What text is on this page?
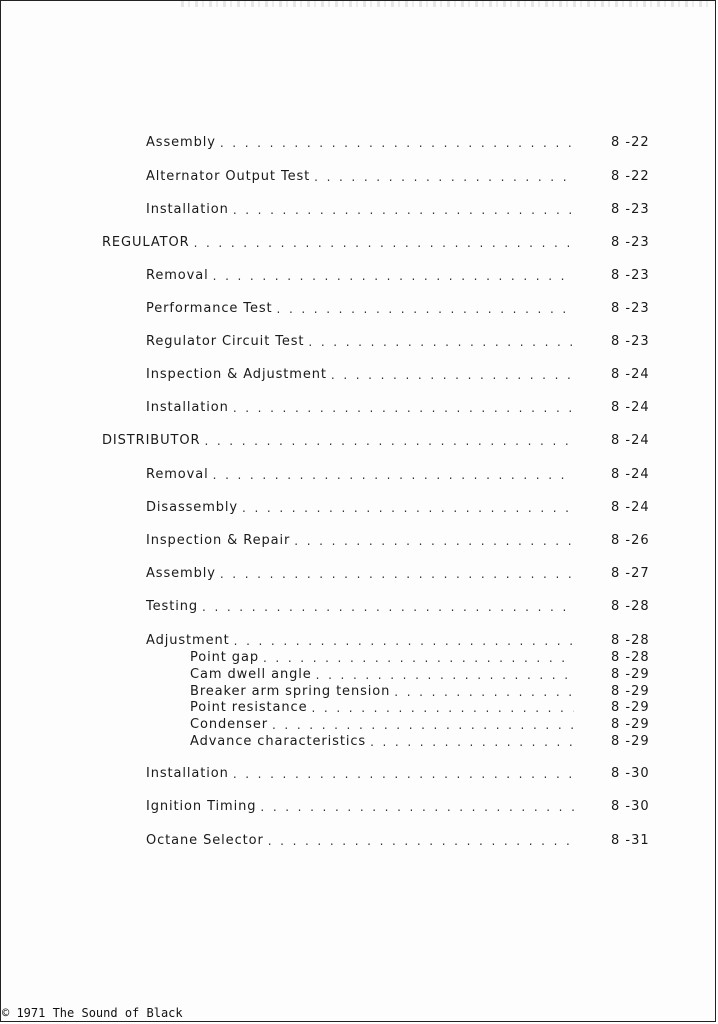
Assembly . . .	8 -22
Alternator Output Test . . .	8 -22
Installation . . .	8 -23
REGULATOR . . .	8 -23
Removal . . .	8 -23
Performance Test . . .	8 -23
Regulator Circuit Test . . .	8 -23
Inspection & Adjustment . . .	8 -24
Installation . . .	8 -24
DISTRIBUTOR . . .	8 -24
Removal . . .	8 -24
Disassembly . . .	8 -24
Inspection & Repair . . .	8 -26
Assembly . . .	8 -27
Testing . . .	8 -28
Adjustment . . .	8 -28
Point gap . . .	8 -28
Cam dwell angle . . .	8 -29
Breaker arm spring tension . . .	8 -29
Point resistance . . .	8 -29
Condenser . . .	8 -29
Advance characteristics . . .	8 -29
Installation . . .	8 -30
Ignition Timing . . .	8 -30
Octane Selector . . .	8 -31
© 1971 The Sound of Black
